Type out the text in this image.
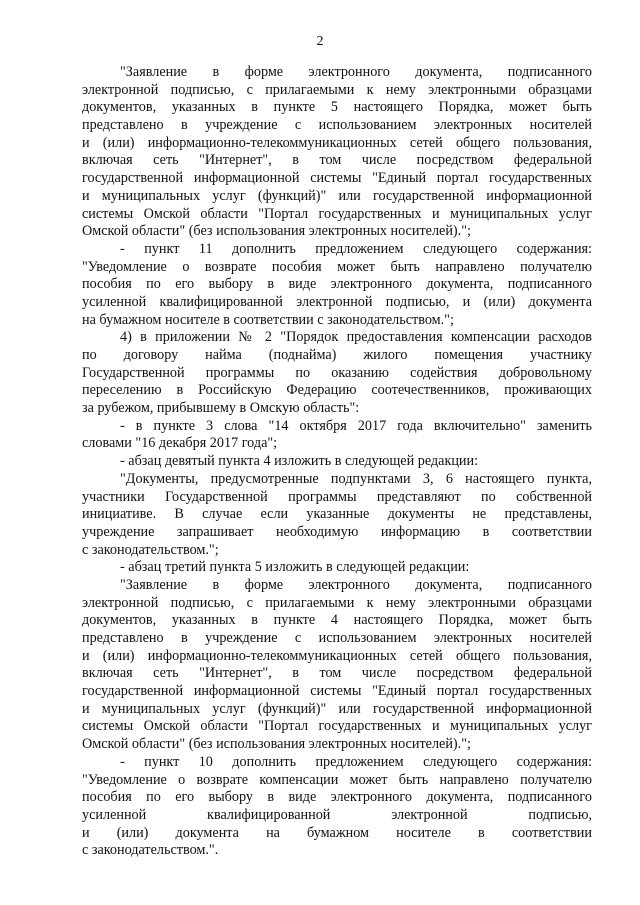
2
"Заявление в форме электронного документа, подписанного
электронной подписью, с прилагаемыми к нему электронными образцами
документов, указанных в пункте 5 настоящего Порядка, может быть
представлено в учреждение с использованием электронных носителей
и (или) информационно-телекоммуникационных сетей общего пользования,
включая сеть "Интернет", в том числе посредством федеральной
государственной информационной системы "Единый портал государственных
и муниципальных услуг (функций)" или государственной информационной
системы Омской области "Портал государственных и муниципальных услуг
Омской области" (без использования электронных носителей).";
- пункт 11 дополнить предложением следующего содержания:
"Уведомление о возврате пособия может быть направлено получателю
пособия по его выбору в виде электронного документа, подписанного
усиленной квалифицированной электронной подписью, и (или) документа
на бумажном носителе в соответствии с законодательством.";
4) в приложении № 2 "Порядок предоставления компенсации расходов
по договору найма (поднайма) жилого помещения участнику
Государственной программы по оказанию содействия добровольному
переселению в Российскую Федерацию соотечественников, проживающих
за рубежом, прибывшему в Омскую область":
- в пункте 3 слова "14 октября 2017 года включительно" заменить
словами "16 декабря 2017 года";
- абзац девятый пункта 4 изложить в следующей редакции:
"Документы, предусмотренные подпунктами 3, 6 настоящего пункта,
участники Государственной программы представляют по собственной
инициативе. В случае если указанные документы не представлены,
учреждение запрашивает необходимую информацию в соответствии
с законодательством.";
- абзац третий пункта 5 изложить в следующей редакции:
"Заявление в форме электронного документа, подписанного
электронной подписью, с прилагаемыми к нему электронными образцами
документов, указанных в пункте 4 настоящего Порядка, может быть
представлено в учреждение с использованием электронных носителей
и (или) информационно-телекоммуникационных сетей общего пользования,
включая сеть "Интернет", в том числе посредством федеральной
государственной информационной системы "Единый портал государственных
и муниципальных услуг (функций)" или государственной информационной
системы Омской области "Портал государственных и муниципальных услуг
Омской области" (без использования электронных носителей).";
- пункт 10 дополнить предложением следующего содержания:
"Уведомление о возврате компенсации может быть направлено получателю
пособия по его выбору в виде электронного документа, подписанного
усиленной квалифицированной электронной подписью,
и (или) документа на бумажном носителе в соответствии
с законодательством.".
